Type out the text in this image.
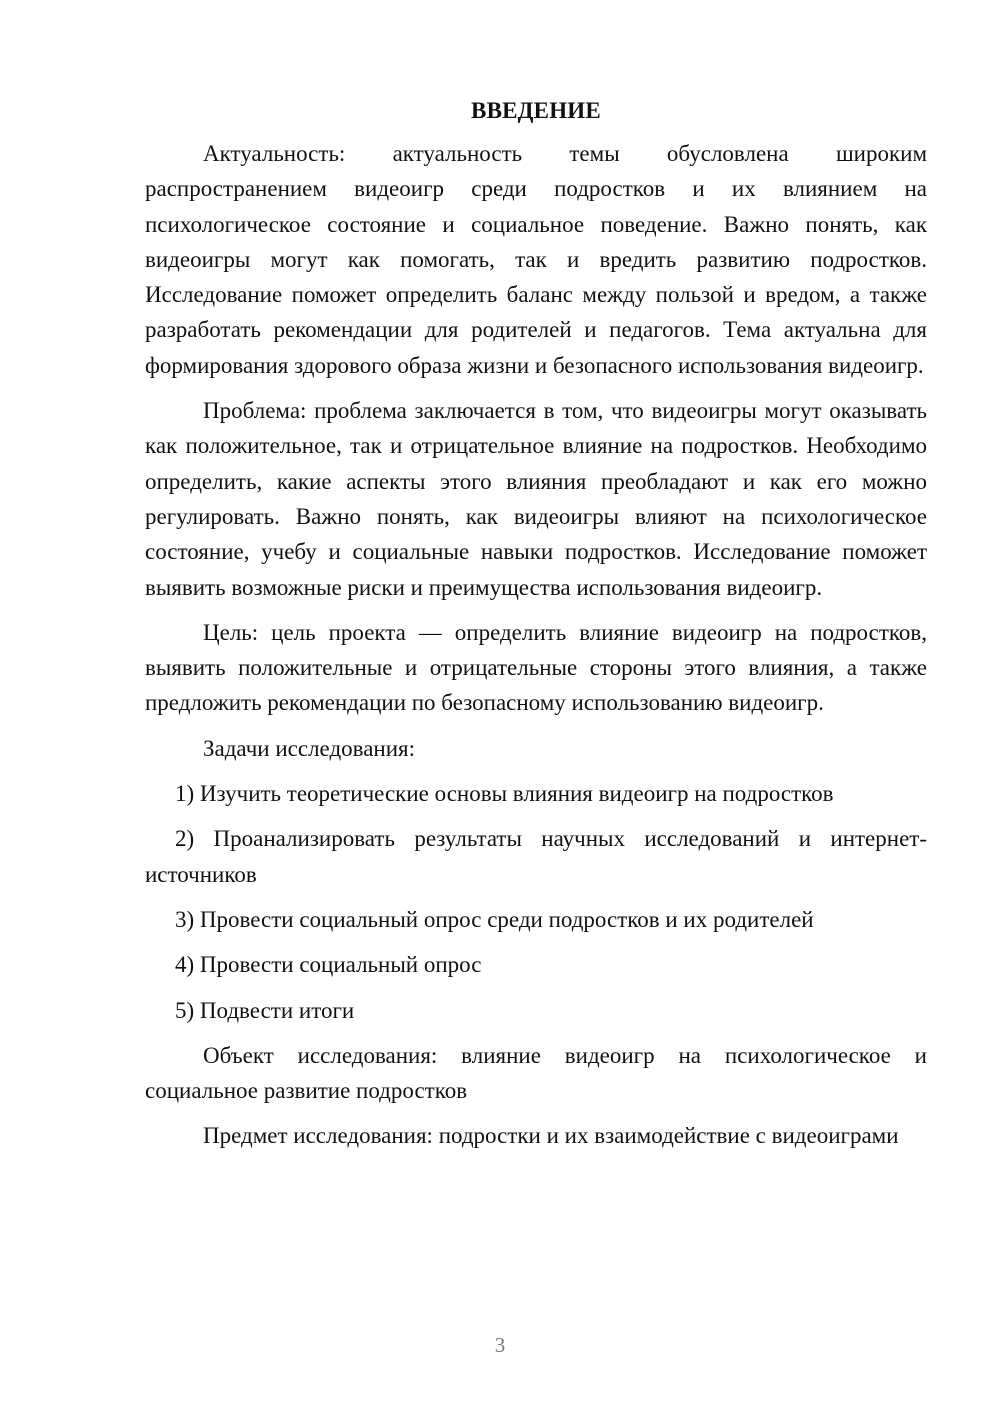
ВВЕДЕНИЕ

Актуальность: актуальность темы обусловлена широким распространением видеоигр среди подростков и их влиянием на психологическое состояние и социальное поведение. Важно понять, как видеоигры могут как помогать, так и вредить развитию подростков. Исследование поможет определить баланс между пользой и вредом, а также разработать рекомендации для родителей и педагогов. Тема актуальна для формирования здорового образа жизни и безопасного использования видеоигр.

Проблема: проблема заключается в том, что видеоигры могут оказывать как положительное, так и отрицательное влияние на подростков. Необходимо определить, какие аспекты этого влияния преобладают и как его можно регулировать. Важно понять, как видеоигры влияют на психологическое состояние, учебу и социальные навыки подростков. Исследование поможет выявить возможные риски и преимущества использования видеоигр.

Цель: цель проекта — определить влияние видеоигр на подростков, выявить положительные и отрицательные стороны этого влияния, а также предложить рекомендации по безопасному использованию видеоигр.

Задачи исследования:

1) Изучить теоретические основы влияния видеоигр на подростков

2) Проанализировать результаты научных исследований и интернет-источников

3) Провести социальный опрос среди подростков и их родителей

4) Провести социальный опрос

5) Подвести итоги

Объект исследования: влияние видеоигр на психологическое и социальное развитие подростков

Предмет исследования: подростки и их взаимодействие с видеоиграми

3
